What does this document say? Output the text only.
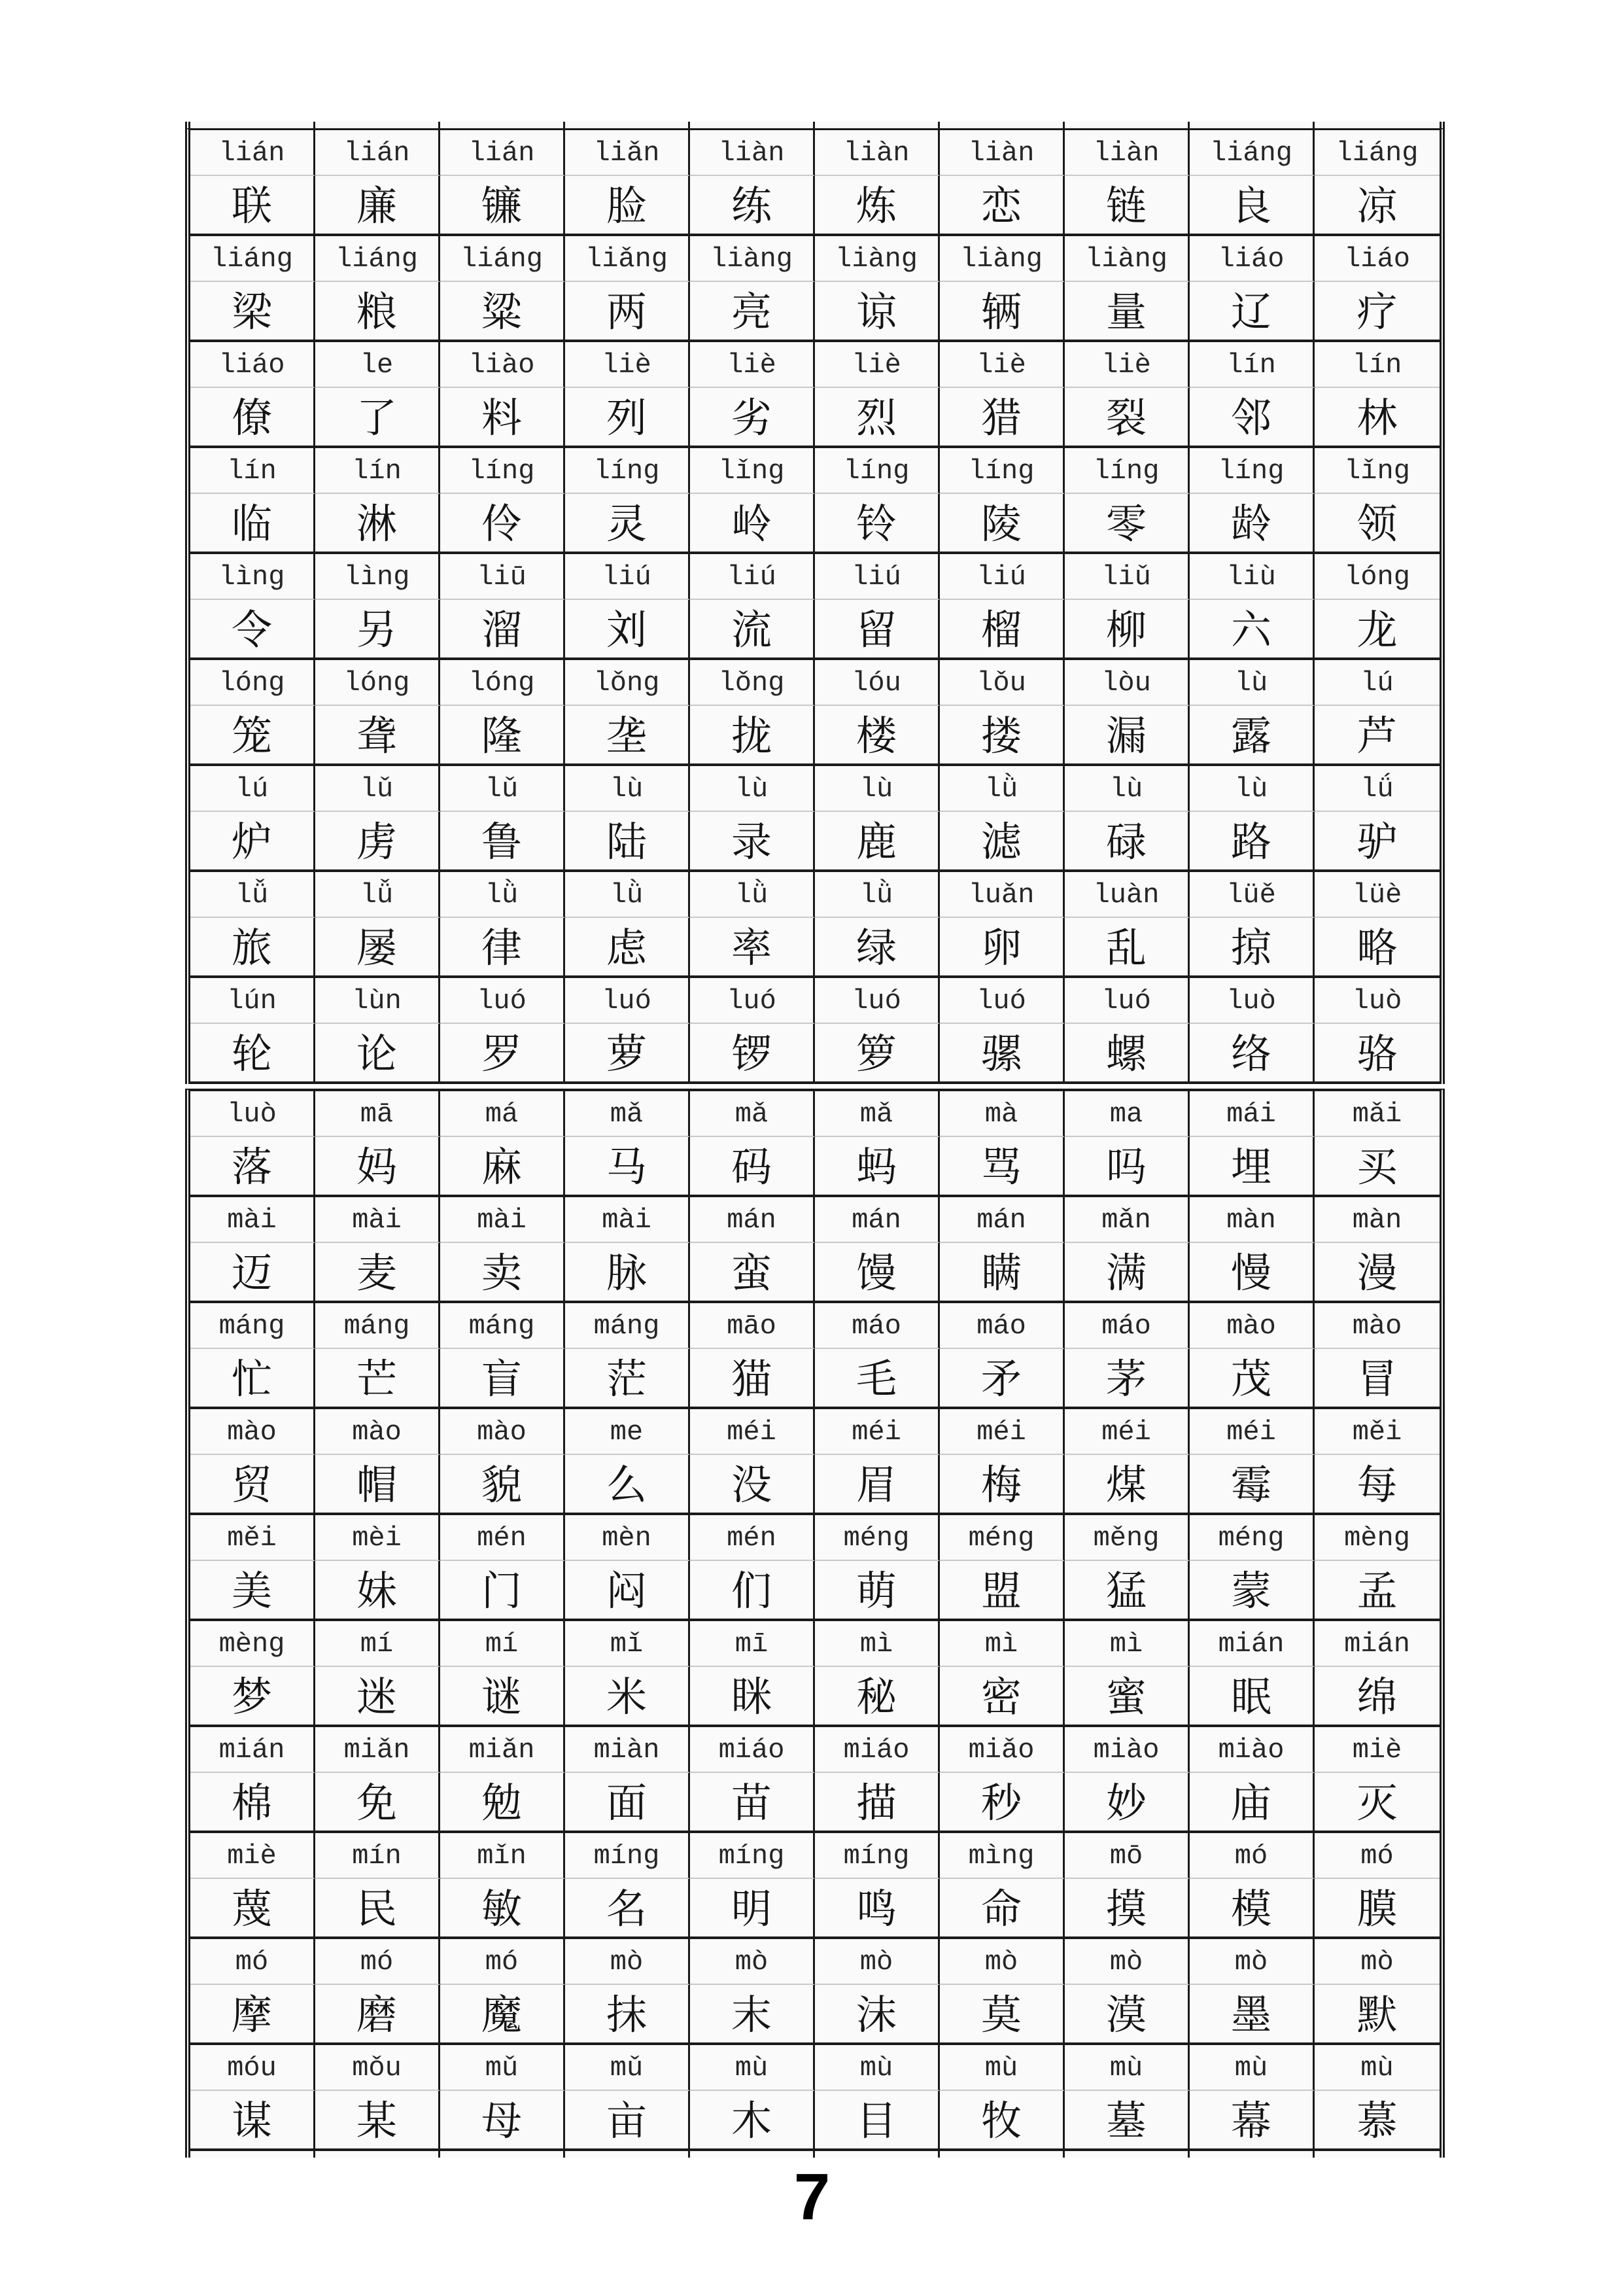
lián	lián	lián	liǎn	liàn	liàn	liàn	liàn	liáng	liáng
联	廉	镰	脸	练	炼	恋	链	良	凉
liáng	liáng	liáng	liǎng	liàng	liàng	liàng	liàng	liáo	liáo
梁	粮	粱	两	亮	谅	辆	量	辽	疗
liáo	le	liào	liè	liè	liè	liè	liè	lín	lín
僚	了	料	列	劣	烈	猎	裂	邻	林
lín	lín	líng	líng	lǐng	líng	líng	líng	líng	lǐng
临	淋	伶	灵	岭	铃	陵	零	龄	领
lìng	lìng	liū	liú	liú	liú	liú	liǔ	liù	lóng
令	另	溜	刘	流	留	榴	柳	六	龙
lóng	lóng	lóng	lǒng	lǒng	lóu	lǒu	lòu	lù	lú
笼	聋	隆	垄	拢	楼	搂	漏	露	芦
lú	lǔ	lǔ	lù	lù	lù	lǜ	lù	lù	lǘ
炉	虏	鲁	陆	录	鹿	滤	碌	路	驴
lǚ	lǚ	lǜ	lǜ	lǜ	lǜ	luǎn	luàn	lüě	lüè
旅	屡	律	虑	率	绿	卵	乱	掠	略
lún	lùn	luó	luó	luó	luó	luó	luó	luò	luò
轮	论	罗	萝	锣	箩	骡	螺	络	骆
luò	mā	má	mǎ	mǎ	mǎ	mà	ma	mái	mǎi
落	妈	麻	马	码	蚂	骂	吗	埋	买
mài	mài	mài	mài	mán	mán	mán	mǎn	màn	màn
迈	麦	卖	脉	蛮	馒	瞒	满	慢	漫
máng	máng	máng	máng	māo	máo	máo	máo	mào	mào
忙	芒	盲	茫	猫	毛	矛	茅	茂	冒
mào	mào	mào	me	méi	méi	méi	méi	méi	měi
贸	帽	貌	么	没	眉	梅	煤	霉	每
měi	mèi	mén	mèn	mén	méng	méng	měng	méng	mèng
美	妹	门	闷	们	萌	盟	猛	蒙	孟
mèng	mí	mí	mǐ	mī	mì	mì	mì	mián	mián
梦	迷	谜	米	眯	秘	密	蜜	眠	绵
mián	miǎn	miǎn	miàn	miáo	miáo	miǎo	miào	miào	miè
棉	免	勉	面	苗	描	秒	妙	庙	灭
miè	mín	mǐn	míng	míng	míng	mìng	mō	mó	mó
蔑	民	敏	名	明	鸣	命	摸	模	膜
mó	mó	mó	mò	mò	mò	mò	mò	mò	mò
摩	磨	魔	抹	末	沫	莫	漠	墨	默
móu	mǒu	mǔ	mǔ	mù	mù	mù	mù	mù	mù
谋	某	母	亩	木	目	牧	墓	幕	慕
7
